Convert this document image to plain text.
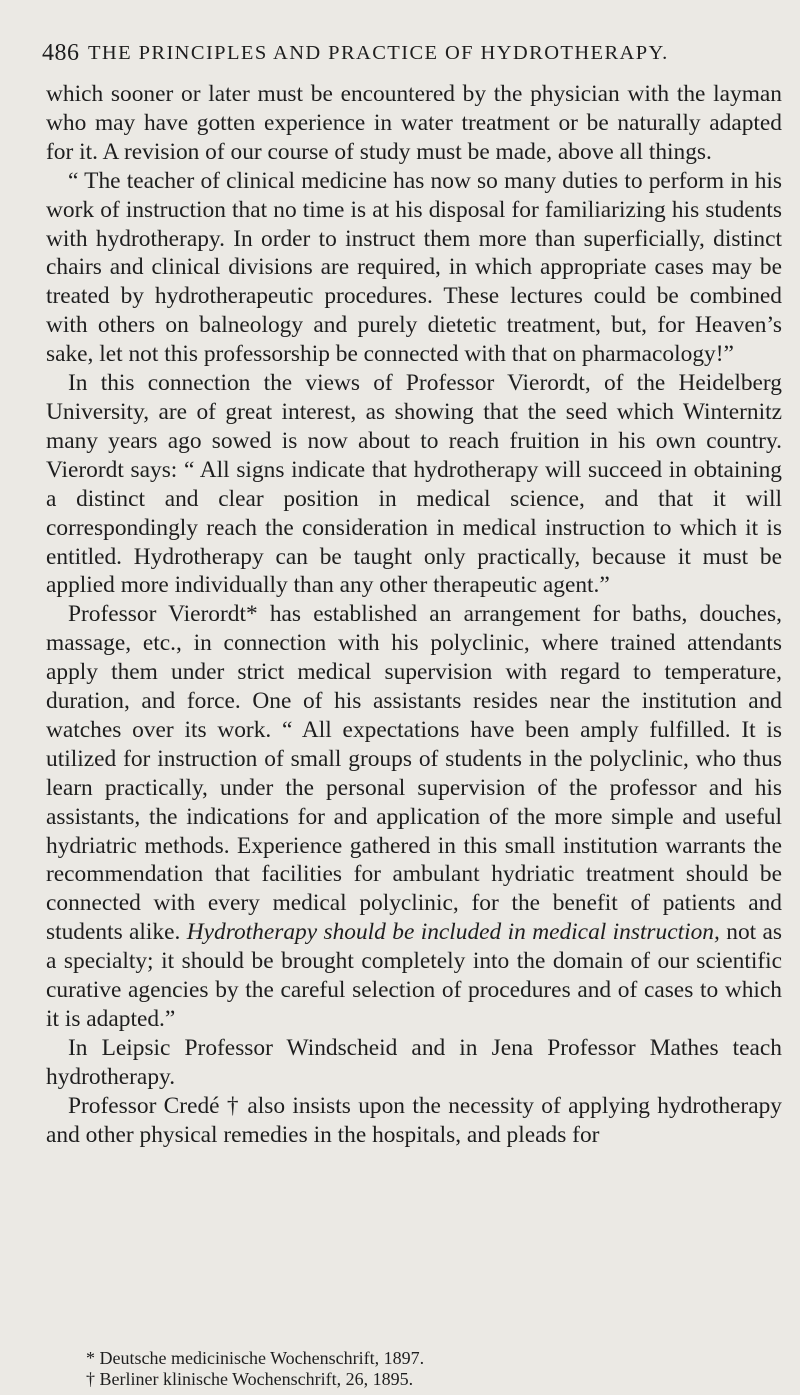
486 THE PRINCIPLES AND PRACTICE OF HYDROTHERAPY.

which sooner or later must be encountered by the physician with the layman who may have gotten experience in water treatment or be naturally adapted for it. A revision of our course of study must be made, above all things.

“ The teacher of clinical medicine has now so many duties to perform in his work of instruction that no time is at his disposal for familiarizing his students with hydrotherapy. In order to instruct them more than superficially, distinct chairs and clinical divisions are required, in which appropriate cases may be treated by hydrotherapeutic procedures. These lectures could be combined with others on balneology and purely dietetic treatment, but, for Heaven’s sake, let not this professorship be connected with that on pharmacology!”

In this connection the views of Professor Vierordt, of the Heidelberg University, are of great interest, as showing that the seed which Winternitz many years ago sowed is now about to reach fruition in his own country. Vierordt says: “ All signs indicate that hydrotherapy will succeed in obtaining a distinct and clear position in medical science, and that it will correspondingly reach the consideration in medical instruction to which it is entitled. Hydrotherapy can be taught only practically, because it must be applied more individually than any other therapeutic agent.”

Professor Vierordt* has established an arrangement for baths, douches, massage, etc., in connection with his polyclinic, where trained attendants apply them under strict medical supervision with regard to temperature, duration, and force. One of his assistants resides near the institution and watches over its work. “ All expectations have been amply fulfilled. It is utilized for instruction of small groups of students in the polyclinic, who thus learn practically, under the personal supervision of the professor and his assistants, the indications for and application of the more simple and useful hydriatric methods. Experience gathered in this small institution warrants the recommendation that facilities for ambulant hydriatic treatment should be connected with every medical polyclinic, for the benefit of patients and students alike. Hydrotherapy should be included in medical instruction, not as a specialty; it should be brought completely into the domain of our scientific curative agencies by the careful selection of procedures and of cases to which it is adapted.”

In Leipsic Professor Windscheid and in Jena Professor Mathes teach hydrotherapy.

Professor Credé † also insists upon the necessity of applying hydrotherapy and other physical remedies in the hospitals, and pleads for

* Deutsche medicinische Wochenschrift, 1897.

† Berliner klinische Wochenschrift, 26, 1895.
